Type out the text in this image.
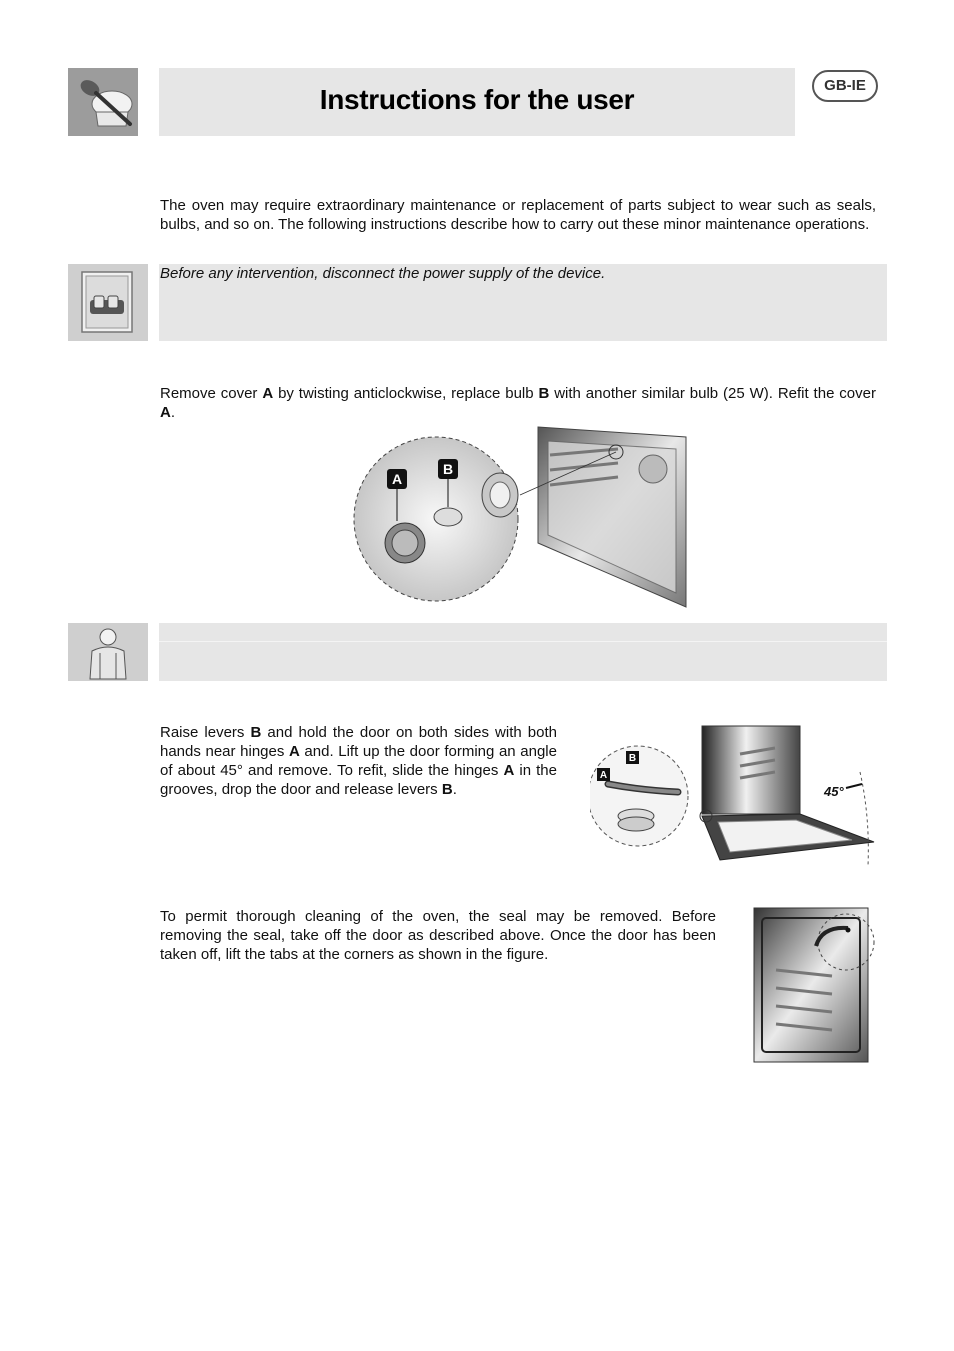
Instructions for the user	GB-IE
The oven may require extraordinary maintenance or replacement of parts subject to wear such as seals, bulbs, and so on. The following instructions describe how to carry out these minor maintenance operations.
Before any intervention, disconnect the power supply of the device.
Remove cover A by twisting anticlockwise, replace bulb B with another similar bulb (25 W). Refit the cover A.
A
B
Raise levers B and hold the door on both sides with both hands near hinges A and. Lift up the door forming an angle of about 45° and remove. To refit, slide the hinges A in the grooves, drop the door and release levers B.	45°
A
B
To permit thorough cleaning of the oven, the seal may be removed. Before removing the seal, take off the door as described above. Once the door has been taken off, lift the tabs at the corners as shown in the figure.
